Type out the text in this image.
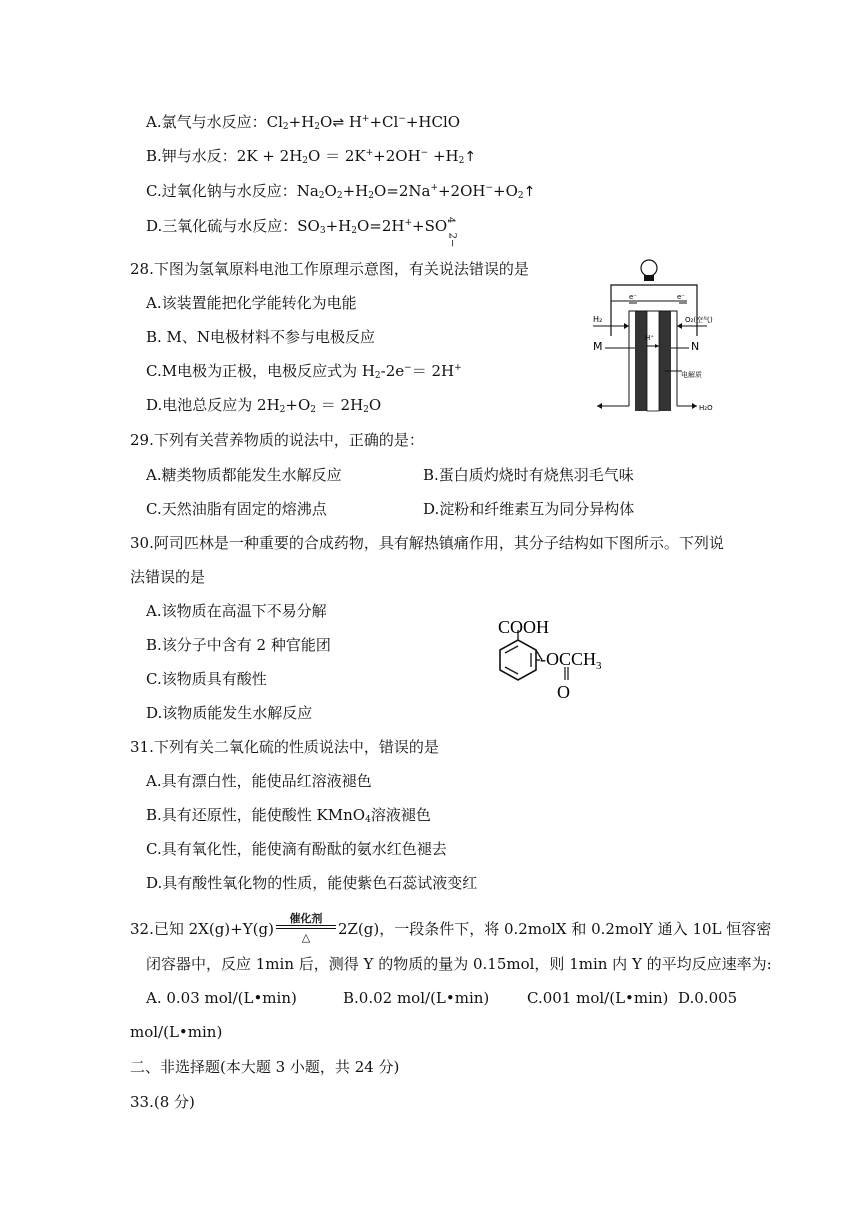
A.氯气与水反应：$Cl_2+H_2O\rightleftharpoons$ H++Cl−+HClO
B.钾与水反：$2K + 2H_2O = 2K^++2OH^-$ $+H_2↑$
C.过氧化钠与水反应：$Na_2O_2+H_2O=2Na^++2OH^-+O_2↑$
D.三氧化硫与水反应：$SO_3+H_2O=2H^++SO$
4
2−
28.下图为氢氧原料电池工作原理示意图，有关说法错误的是
A.该装置能把化学能转化为电能
B. M、N电极材料不参与电极反应
C.M电极为正极，电极反应式为 $H_2-2e^-= 2H^+$
D.电池总反应为 $2H_2+O_2 = 2H_2O$
e⁻	e⁻
H₂	O₂(空气)
M	N
H⁺
电解质
H₂O
29.下列有关营养物质的说法中，正确的是：
A.糖类物质都能发生水解反应	B.蛋白质灼烧时有烧焦羽毛气味
C.天然油脂有固定的熔沸点	D.淀粉和纤维素互为同分异构体
30.阿司匹林是一种重要的合成药物，具有解热镇痛作用，其分子结构如下图所示。下列说
法错误的是
A.该物质在高温下不易分解
B.该分子中含有 2 种官能团
C.该物质具有酸性
D.该物质能发生水解反应
COOH
$-OCCH_3$
O
31.下列有关二氧化硫的性质说法中，错误的是
A.具有漂白性，能使品红溶液褪色
B.具有还原性，能使酸性 KMnO$_4$溶液褪色
C.具有氧化性，能使滴有酚酞的氨水红色褪去
D.具有酸性氧化物的性质，能使紫色石蕊试液变红
32.已知 2X(g)+Y(g)
催化剂
△	2Z(g)，一段条件下，将 0.2molX 和 0.2molY 通入 10L 恒容密
闭容器中，反应 1min 后，测得 Y 的物质的量为 0.15mol，则 1min 内 Y 的平均反应速率为:
A. 0.03 mol/(L•min)	B.0.02 mol/(L•min)	C.001 mol/(L•min) D.0.005
mol/(L•min)
二、非选择题(本大题 3 小题，共 24 分)
33.(8 分)
